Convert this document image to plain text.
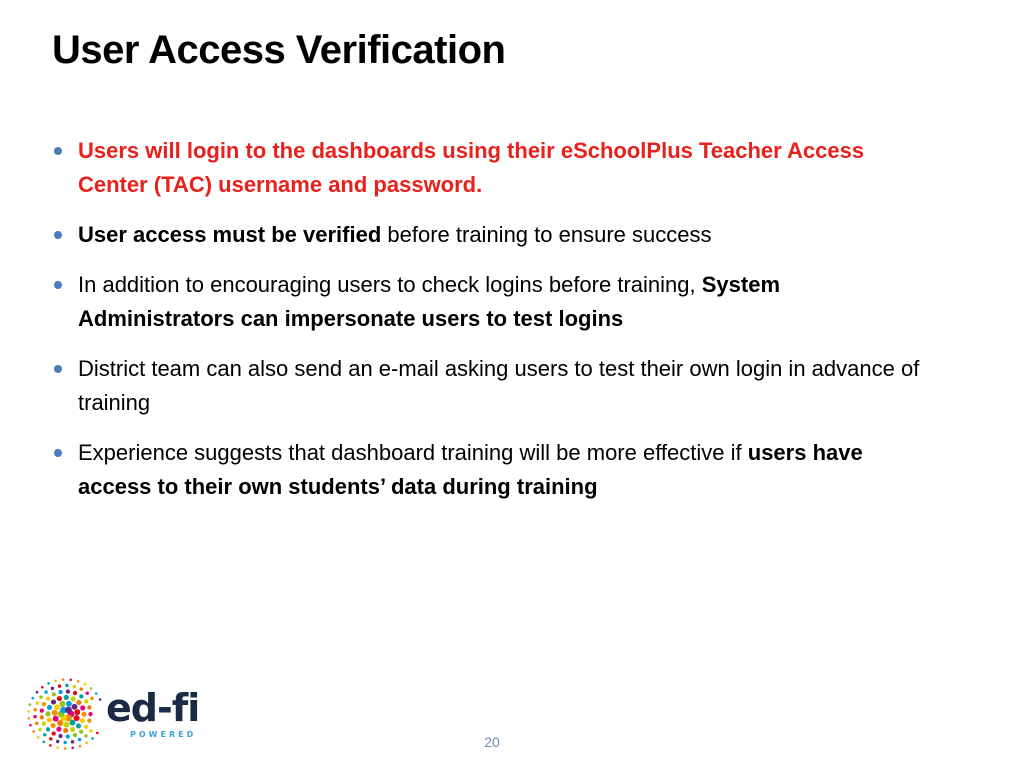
User Access Verification
Users will login to the dashboards using their eSchoolPlus Teacher Access Center (TAC) username and password.
User access must be verified before training to ensure success
In addition to encouraging users to check logins before training, System Administrators can impersonate users to test logins
District team can also send an e-mail asking users to test their own login in advance of training
Experience suggests that dashboard training will be more effective if users have access to their own students’ data during training
ed-fi
POWERED	20
